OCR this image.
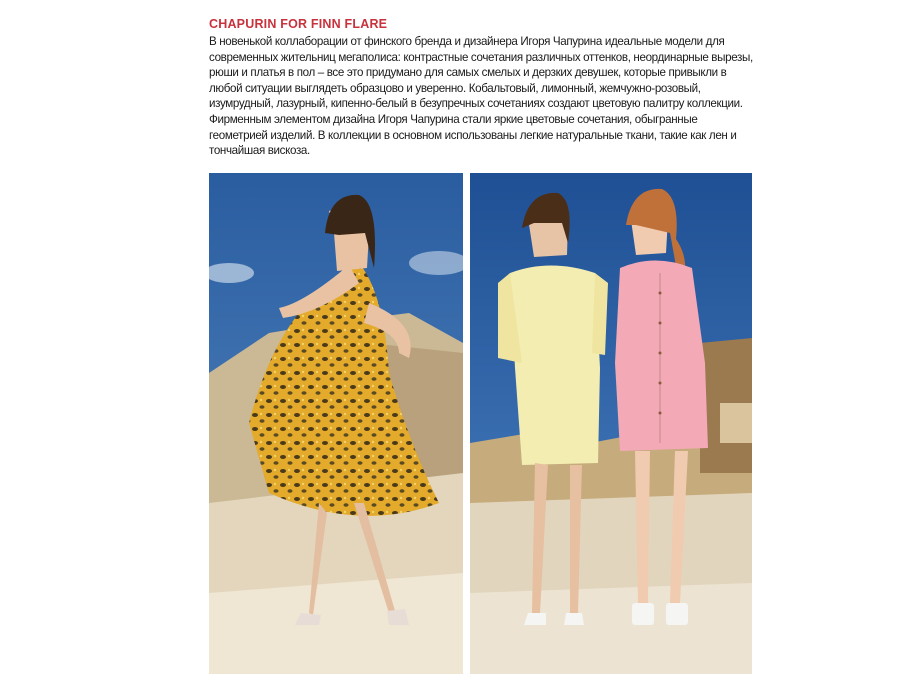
CHAPURIN FOR FINN FLARE

В новенькой коллаборации от финского бренда и дизайнера Игоря Чапурина идеальные модели для современных жительниц мегаполиса: контрастные сочетания различных оттенков, неординарные вырезы, рюши и платья в пол – все это придумано для самых смелых и дерзких девушек, которые привыкли в любой ситуации выглядеть образцово и уверенно. Кобальтовый, лимонный, жемчужно-розовый, изумрудный, лазурный, кипенно-белый в безупречных сочетаниях создают цветовую палитру коллекции. Фирменным элементом дизайна Игоря Чапурина стали яркие цветовые сочетания, обыгранные геометрией изделий. В коллекции в основном использованы легкие натуральные ткани, такие как лен и тончайшая вискоза.
